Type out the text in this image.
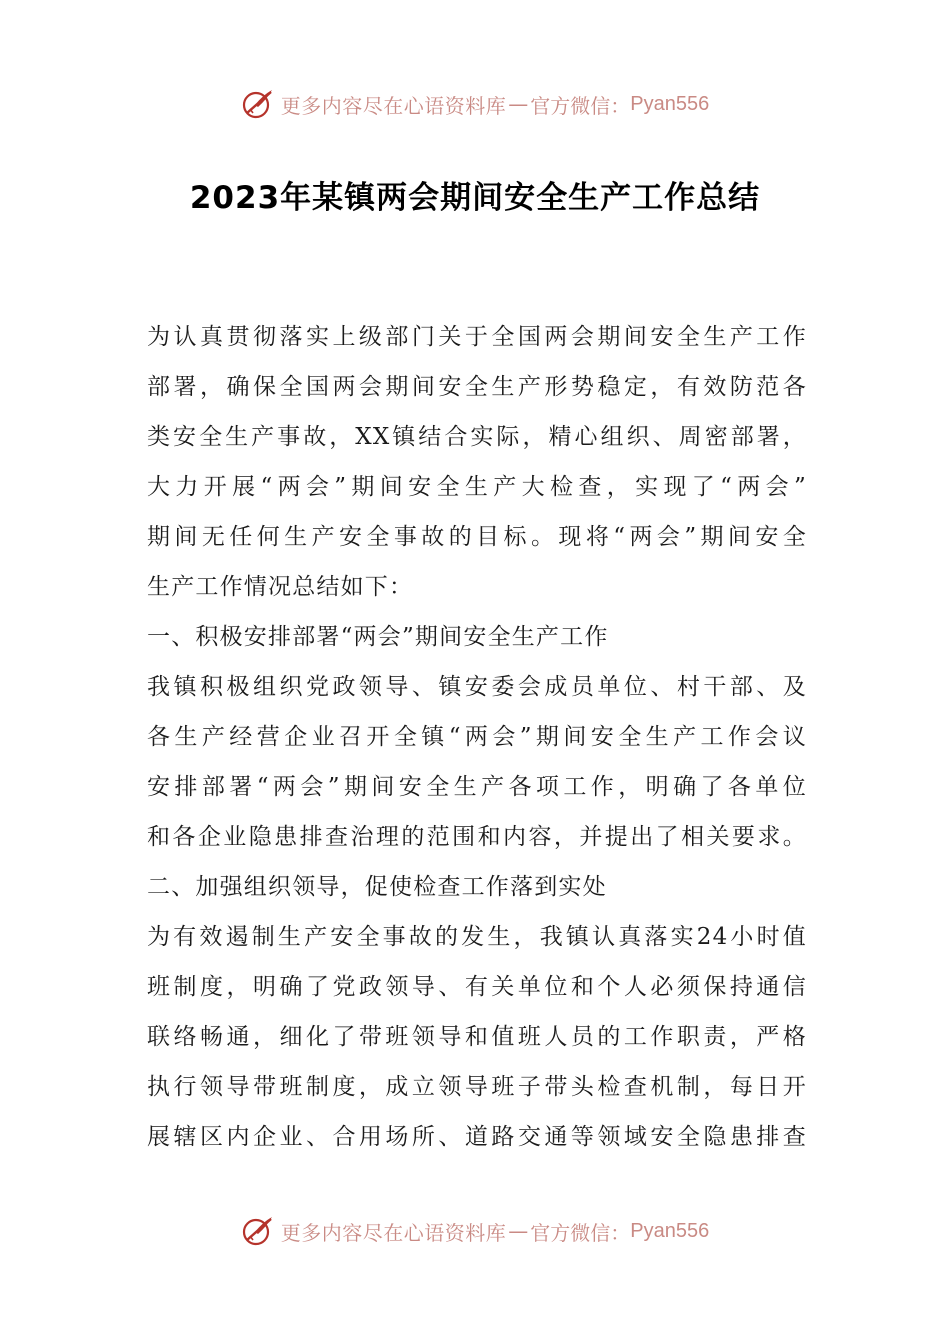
更多内容尽在心语资料库 — 官方微信： Pyan556
2023年某镇两会期间安全生产工作总结
为认真贯彻落实上级部门关于全国两会期间安全生产工作
部署，确保全国两会期间安全生产形势稳定，有效防范各
类安全生产事故，XX镇结合实际，精心组织、周密部署，
大力开展“两会”期间安全生产大检查，实现了“两会”
期间无任何生产安全事故的目标。现将“两会”期间安全
生产工作情况总结如下：
一、积极安排部署“两会”期间安全生产工作
我镇积极组织党政领导、镇安委会成员单位、村干部、及
各生产经营企业召开全镇“两会”期间安全生产工作会议
安排部署“两会”期间安全生产各项工作，明确了各单位
和各企业隐患排查治理的范围和内容，并提出了相关要求。
二、加强组织领导，促使检查工作落到实处
为有效遏制生产安全事故的发生，我镇认真落实24小时值
班制度，明确了党政领导、有关单位和个人必须保持通信
联络畅通，细化了带班领导和值班人员的工作职责，严格
执行领导带班制度，成立领导班子带头检查机制，每日开
展辖区内企业、合用场所、道路交通等领域安全隐患排查
更多内容尽在心语资料库 — 官方微信： Pyan556
